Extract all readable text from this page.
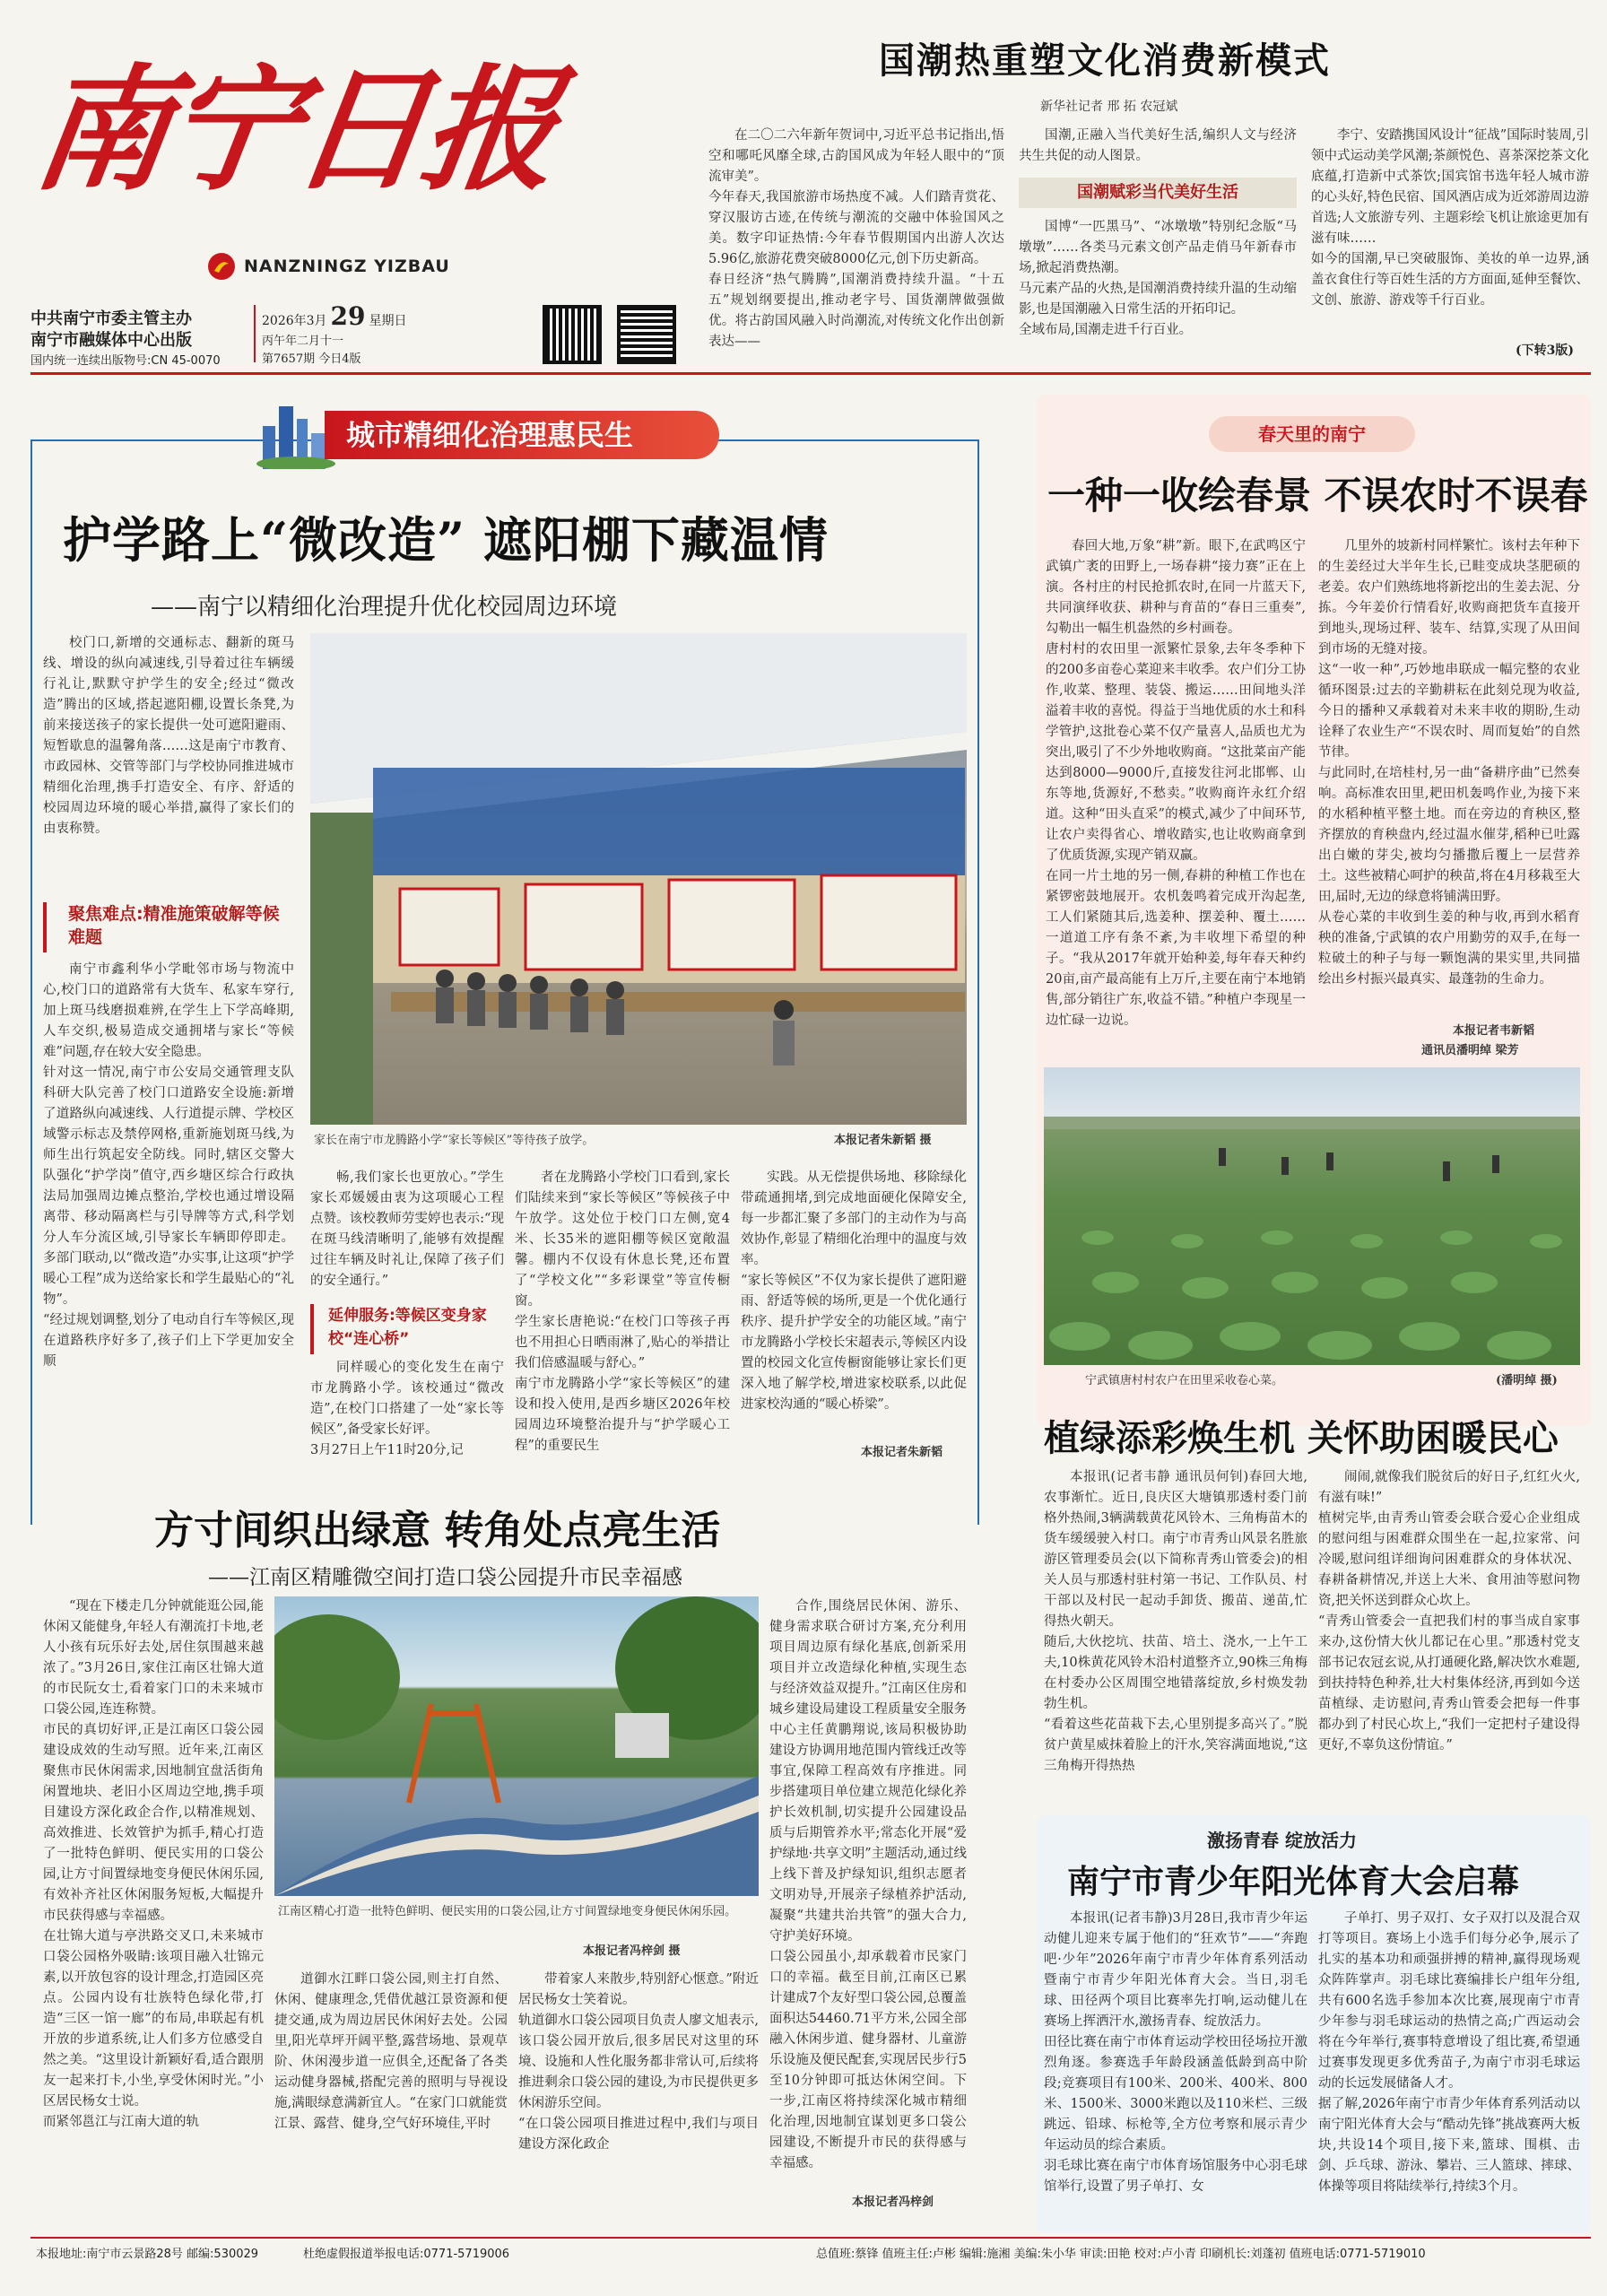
南宁日报
NANZNINGZ YIZBAU
中共南宁市委主管主办
南宁市融媒体中心出版
国内统一连续出版物号:CN 45-0070
2026年3月 29 星期日
丙午年二月十一
第7657期 今日4版
国潮热重塑文化消费新模式
新华社记者 邢 拓 农冠斌
在二〇二六年新年贺词中,习近平总书记指出,悟空和哪吒风靡全球,古韵国风成为年轻人眼中的“顶流审美”。
今年春天,我国旅游市场热度不减。人们踏青赏花、穿汉服访古迹,在传统与潮流的交融中体验国风之美。数字印证热情:今年春节假期国内出游人次达5.96亿,旅游花费突破8000亿元,创下历史新高。
春日经济“热气腾腾”,国潮消费持续升温。“十五五”规划纲要提出,推动老字号、国货潮牌做强做优。将古韵国风融入时尚潮流,对传统文化作出创新表达——
国潮,正融入当代美好生活,编织人文与经济共生共促的动人图景。
国潮赋彩当代美好生活
国博“一匹黑马”、“冰墩墩”特别纪念版“马墩墩”……各类马元素文创产品走俏马年新春市场,掀起消费热潮。
马元素产品的火热,是国潮消费持续升温的生动缩影,也是国潮融入日常生活的开拓印记。
全域布局,国潮走进千行百业。
李宁、安踏携国风设计“征战”国际时装周,引领中式运动美学风潮;茶颜悦色、喜茶深挖茶文化底蕴,打造新中式茶饮;国宾馆书选年轻人城市游的心头好,特色民宿、国风酒店成为近郊游周边游首选;人文旅游专列、主题彩绘飞机让旅途更加有滋有味……
如今的国潮,早已突破服饰、美妆的单一边界,涵盖衣食住行等百姓生活的方方面面,延伸至餐饮、文创、旅游、游戏等千行百业。
(下转3版)
城市精细化治理惠民生
护学路上“微改造” 遮阳棚下藏温情
——南宁以精细化治理提升优化校园周边环境
校门口,新增的交通标志、翻新的斑马线、增设的纵向减速线,引导着过往车辆缓行礼让,默默守护学生的安全;经过“微改造”腾出的区域,搭起遮阳棚,设置长条凳,为前来接送孩子的家长提供一处可遮阳避雨、短暂歇息的温馨角落……这是南宁市教育、市政园林、交管等部门与学校协同推进城市精细化治理,携手打造安全、有序、舒适的校园周边环境的暖心举措,赢得了家长们的由衷称赞。
聚焦难点:精准施策破解等候难题
南宁市鑫利华小学毗邻市场与物流中心,校门口的道路常有大货车、私家车穿行,加上斑马线磨损难辨,在学生上下学高峰期,人车交织,极易造成交通拥堵与家长“等候难”问题,存在较大安全隐患。
针对这一情况,南宁市公安局交通管理支队科研大队完善了校门口道路安全设施:新增了道路纵向减速线、人行道提示牌、学校区域警示标志及禁停网格,重新施划斑马线,为师生出行筑起安全防线。同时,辖区交警大队强化“护学岗”值守,西乡塘区综合行政执法局加强周边摊点整治,学校也通过增设隔离带、移动隔离栏与引导牌等方式,科学划分人车分流区域,引导家长车辆即停即走。多部门联动,以“微改造”办实事,让这项“护学暖心工程”成为送给家长和学生最贴心的“礼物”。
“经过规划调整,划分了电动自行车等候区,现在道路秩序好多了,孩子们上下学更加安全顺
家长在南宁市龙腾路小学“家长等候区”等待孩子放学。	本报记者朱新韬 摄
畅,我们家长也更放心。”学生家长邓媛媛由衷为这项暖心工程点赞。该校教师劳雯婷也表示:“现在斑马线清晰明了,能够有效提醒过往车辆及时礼让,保障了孩子们的安全通行。”
延伸服务:等候区变身家校“连心桥”
同样暖心的变化发生在南宁市龙腾路小学。该校通过“微改造”,在校门口搭建了一处“家长等候区”,备受家长好评。
3月27日上午11时20分,记
者在龙腾路小学校门口看到,家长们陆续来到“家长等候区”等候孩子中午放学。这处位于校门口左侧,宽4米、长35米的遮阳棚等候区宽敞温馨。棚内不仅设有休息长凳,还布置了“学校文化”“多彩课堂”等宣传橱窗。
学生家长唐艳说:“在校门口等孩子再也不用担心日晒雨淋了,贴心的举措让我们倍感温暖与舒心。”
南宁市龙腾路小学“家长等候区”的建设和投入使用,是西乡塘区2026年校园周边环境整治提升与“护学暖心工程”的重要民生
实践。从无偿提供场地、移除绿化带疏通拥堵,到完成地面硬化保障安全,每一步都汇聚了多部门的主动作为与高效协作,彰显了精细化治理中的温度与效率。
“家长等候区”不仅为家长提供了遮阳避雨、舒适等候的场所,更是一个优化通行秩序、提升护学安全的功能区域。”南宁市龙腾路小学校长宋超表示,等候区内设置的校园文化宣传橱窗能够让家长们更深入地了解学校,增进家校联系,以此促进家校沟通的“暖心桥梁”。
本报记者朱新韬
方寸间织出绿意 转角处点亮生活
——江南区精雕微空间打造口袋公园提升市民幸福感
“现在下楼走几分钟就能逛公园,能休闲又能健身,年轻人有潮流打卡地,老人小孩有玩乐好去处,居住氛围越来越浓了。”3月26日,家住江南区壮锦大道的市民阮女士,看着家门口的未来城市口袋公园,连连称赞。
市民的真切好评,正是江南区口袋公园建设成效的生动写照。近年来,江南区聚焦市民休闲需求,因地制宜盘活街角闲置地块、老旧小区周边空地,携手项目建设方深化政企合作,以精准规划、高效推进、长效管护为抓手,精心打造了一批特色鲜明、便民实用的口袋公园,让方寸间置绿地变身便民休闲乐园,有效补齐社区休闲服务短板,大幅提升市民获得感与幸福感。
在壮锦大道与亭洪路交叉口,未来城市口袋公园格外吸睛:该项目融入壮锦元素,以开放包容的设计理念,打造园区亮点。公园内设有壮族特色绿化带,打造“三区一馆一廊”的布局,串联起有机开放的步道系统,让人们多方位感受自然之美。“这里设计新颖好看,适合跟朋友一起来打卡,小坐,享受休闲时光。”小区居民杨女士说。
而紧邻邕江与江南大道的轨
江南区精心打造一批特色鲜明、便民实用的口袋公园,让方寸间置绿地变身便民休闲乐园。
本报记者冯梓剑 摄
道御水江畔口袋公园,则主打自然、休闲、健康理念,凭借优越江景资源和便捷交通,成为周边居民休闲好去处。公园里,阳光草坪开阔平整,露营场地、景观草阶、休闲漫步道一应俱全,还配备了各类运动健身器械,搭配完善的照明与导视设施,满眼绿意满新宜人。“在家门口就能赏江景、露营、健身,空气好环境佳,平时
带着家人来散步,特别舒心惬意。”附近居民杨女士笑着说。
轨道御水口袋公园项目负责人廖文旭表示,该口袋公园开放后,很多居民对这里的环境、设施和人性化服务都非常认可,后续将推进剩余口袋公园的建设,为市民提供更多休闲游乐空间。
“在口袋公园项目推进过程中,我们与项目建设方深化政企
合作,围绕居民休闲、游乐、健身需求联合研讨方案,充分利用项目周边原有绿化基底,创新采用项目并立改造绿化种植,实现生态与经济效益双提升。”江南区住房和城乡建设局建设工程质量安全服务中心主任黄鹏翔说,该局积极协助建设方协调用地范围内管线迁改等事宜,保障工程高效有序推进。同步搭建项目单位建立规范化绿化养护长效机制,切实提升公园建设品质与后期管养水平;常态化开展“爱护绿地·共享文明”主题活动,通过线上线下普及护绿知识,组织志愿者文明劝导,开展亲子绿植养护活动,凝聚“共建共治共管”的强大合力,守护美好环境。
口袋公园虽小,却承载着市民家门口的幸福。截至目前,江南区已累计建成7个友好型口袋公园,总覆盖面积达54460.71平方米,公园全部融入休闲步道、健身器材、儿童游乐设施及便民配套,实现居民步行5至10分钟即可抵达休闲空间。下一步,江南区将持续深化城市精细化治理,因地制宜谋划更多口袋公园建设,不断提升市民的获得感与幸福感。
本报记者冯梓剑
春天里的南宁
一种一收绘春景 不误农时不误春
春回大地,万象“耕”新。眼下,在武鸣区宁武镇广袤的田野上,一场春耕“接力赛”正在上演。各村庄的村民抢抓农时,在同一片蓝天下,共同演绎收获、耕种与育苗的“春日三重奏”,勾勒出一幅生机盎然的乡村画卷。
唐村村的农田里一派繁忙景象,去年冬季种下的200多亩卷心菜迎来丰收季。农户们分工协作,收菜、整理、装袋、搬运……田间地头洋溢着丰收的喜悦。得益于当地优质的水土和科学管护,这批卷心菜不仅产量喜人,品质也尤为突出,吸引了不少外地收购商。“这批菜亩产能达到8000—9000斤,直接发往河北邯郸、山东等地,货源好,不愁卖。”收购商许永红介绍道。这种“田头直采”的模式,减少了中间环节,让农户卖得省心、增收踏实,也让收购商拿到了优质货源,实现产销双赢。
在同一片土地的另一侧,春耕的种植工作也在紧锣密鼓地展开。农机轰鸣着完成开沟起垄,工人们紧随其后,选姜种、摆姜种、覆土……一道道工序有条不紊,为丰收埋下希望的种子。“我从2017年就开始种姜,每年春天种约20亩,亩产最高能有上万斤,主要在南宁本地销售,部分销往广东,收益不错。”种植户李现星一边忙碌一边说。
几里外的坡新村同样繁忙。该村去年种下的生姜经过大半年生长,已畦变成块茎肥硕的老姜。农户们熟练地将新挖出的生姜去泥、分拣。今年姜价行情看好,收购商把货车直接开到地头,现场过秤、装车、结算,实现了从田间到市场的无缝对接。
这“一收一种”,巧妙地串联成一幅完整的农业循环图景:过去的辛勤耕耘在此刻兑现为收益,今日的播种又承载着对未来丰收的期盼,生动诠释了农业生产“不误农时、周而复始”的自然节律。
与此同时,在培桂村,另一曲“备耕序曲”已然奏响。高标准农田里,耙田机轰鸣作业,为接下来的水稻种植平整土地。而在旁边的育秧区,整齐摆放的育秧盘内,经过温水催芽,稻种已吐露出白嫩的芽尖,被均匀播撒后覆上一层营养土。这些被精心呵护的秧苗,将在4月移栽至大田,届时,无边的绿意将铺满田野。
从卷心菜的丰收到生姜的种与收,再到水稻育秧的准备,宁武镇的农户用勤劳的双手,在每一粒破土的种子与每一颗饱满的果实里,共同描绘出乡村振兴最真实、最蓬勃的生命力。
本报记者韦新韬
通讯员潘明绰 梁芳
宁武镇唐村村农户在田里采收卷心菜。	(潘明绰 摄)
植绿添彩焕生机 关怀助困暖民心
本报讯(记者韦静 通讯员何钊)春回大地,农事渐忙。近日,良庆区大塘镇那透村委门前格外热闹,3辆满载黄花风铃木、三角梅苗木的货车缓缓驶入村口。南宁市青秀山风景名胜旅游区管理委员会(以下简称青秀山管委会)的相关人员与那透村驻村第一书记、工作队员、村干部以及村民一起动手卸货、搬苗、递苗,忙得热火朝天。
随后,大伙挖坑、扶苗、培土、浇水,一上午工夫,10株黄花风铃木沿村道整齐立,90株三角梅在村委办公区周围空地错落绽放,乡村焕发勃勃生机。
“看着这些花苗栽下去,心里别提多高兴了。”脱贫户黄星威抹着脸上的汗水,笑容满面地说,“这三角梅开得热热
闹闹,就像我们脱贫后的好日子,红红火火,有滋有味!”
植树完毕,由青秀山管委会联合爱心企业组成的慰问组与困难群众围坐在一起,拉家常、问冷暖,慰问组详细询问困难群众的身体状况、春耕备耕情况,并送上大米、食用油等慰问物资,把关怀送到群众心坎上。
“青秀山管委会一直把我们村的事当成自家事来办,这份情大伙儿都记在心里。”那透村党支部书记农冠玄说,从打通硬化路,解决饮水难题,到扶持特色种养,壮大村集体经济,再到如今送苗植绿、走访慰问,青秀山管委会把每一件事都办到了村民心坎上,“我们一定把村子建设得更好,不辜负这份情谊。”
激扬青春 绽放活力
南宁市青少年阳光体育大会启幕
本报讯(记者韦静)3月28日,我市青少年运动健儿迎来专属于他们的“狂欢节”——“奔跑吧·少年”2026年南宁市青少年体育系列活动暨南宁市青少年阳光体育大会。当日,羽毛球、田径两个项目比赛率先打响,运动健儿在赛场上挥洒汗水,激扬青春、绽放活力。
田径比赛在南宁市体育运动学校田径场拉开激烈角逐。参赛选手年龄段涵盖低龄到高中阶段;竞赛项目有100米、200米、400米、800米、1500米、3000米跑以及110米栏、三级跳远、铅球、标枪等,全方位考察和展示青少年运动员的综合素质。
羽毛球比赛在南宁市体育场馆服务中心羽毛球馆举行,设置了男子单打、女
子单打、男子双打、女子双打以及混合双打等项目。赛场上小选手们每分必争,展示了扎实的基本功和顽强拼搏的精神,赢得现场观众阵阵掌声。羽毛球比赛编排长户组年分组,共有600名选手参加本次比赛,展现南宁市青少年参与羽毛球运动的热情之高;广西运动会将在今年举行,赛事特意增设了组比赛,希望通过赛事发现更多优秀苗子,为南宁市羽毛球运动的长远发展储备人才。
据了解,2026年南宁市青少年体育系列活动以南宁阳光体育大会与“酷动先锋”挑战赛两大板块,共设14个项目,接下来,篮球、围棋、击剑、乒乓球、游泳、攀岩、三人篮球、摔球、体操等项目将陆续举行,持续3个月。
本报地址:南宁市云景路28号 邮编:530029	杜绝虚假报道举报电话:0771-5719006	总值班:蔡锋 值班主任:卢彬 编辑:施湘 美编:朱小华 审读:田艳 校对:卢小青 印刷机长:刘蓬初 值班电话:0771-5719010
